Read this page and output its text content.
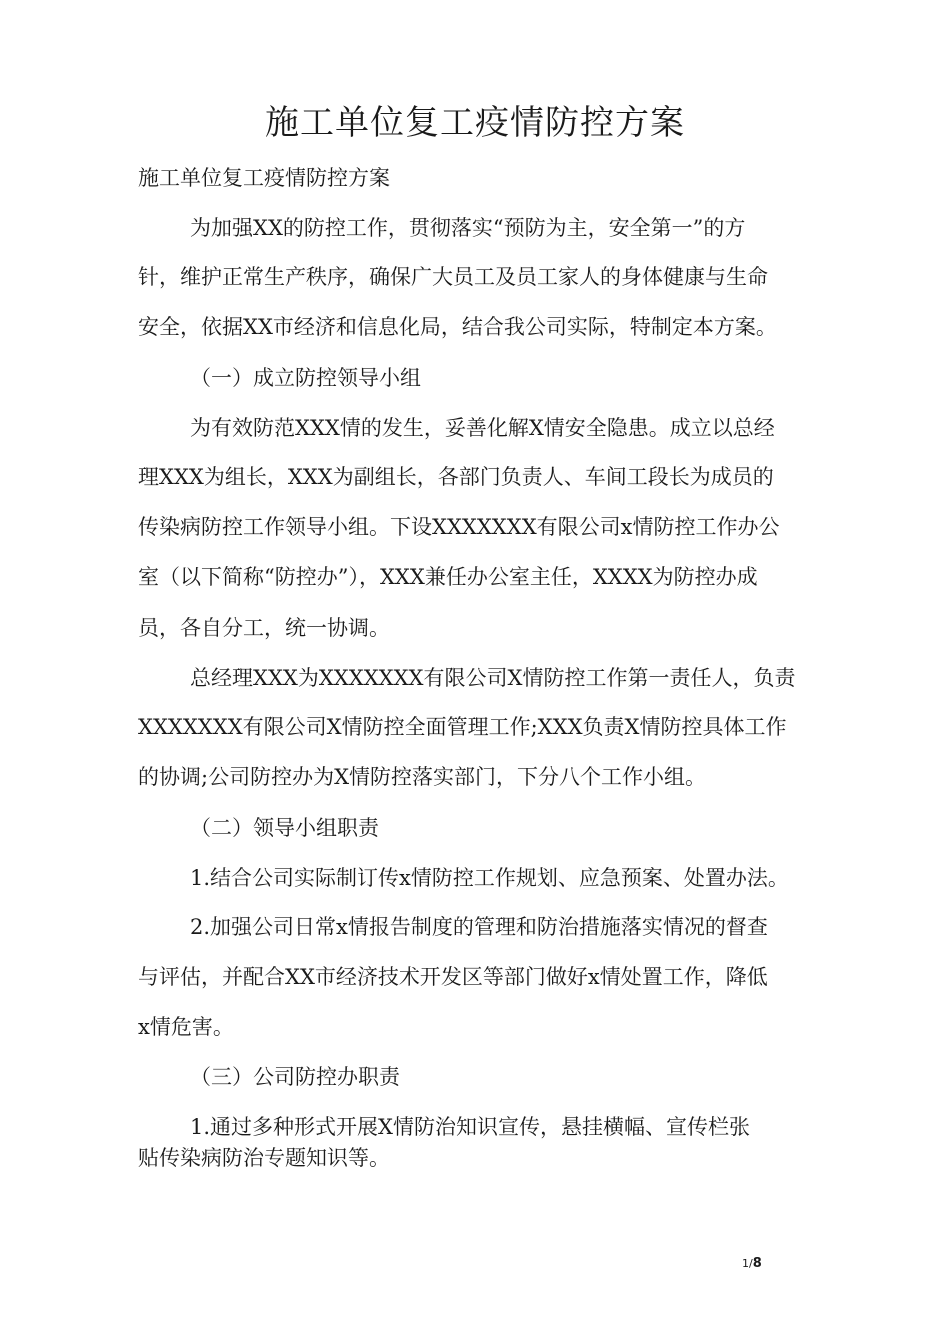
施工单位复工疫情防控方案
施工单位复工疫情防控方案
为加强XX的防控工作，贯彻落实“预防为主，安全第一”的方
针，维护正常生产秩序，确保广大员工及员工家人的身体健康与生命
安全，依据XX市经济和信息化局，结合我公司实际，特制定本方案。
（一）成立防控领导小组
为有效防范XXX情的发生，妥善化解X情安全隐患。成立以总经
理XXX为组长，XXX为副组长，各部门负责人、车间工段长为成员的
传染病防控工作领导小组。下设XXXXXXX有限公司x情防控工作办公
室（以下简称“防控办”），XXX兼任办公室主任，XXXX为防控办成
员，各自分工，统一协调。
总经理XXX为XXXXXXX有限公司X情防控工作第一责任人，负责
XXXXXXX有限公司X情防控全面管理工作;XXX负责X情防控具体工作
的协调;公司防控办为X情防控落实部门，下分八个工作小组。
（二）领导小组职责
1.结合公司实际制订传x情防控工作规划、应急预案、处置办法。
2.加强公司日常x情报告制度的管理和防治措施落实情况的督查
与评估，并配合XX市经济技术开发区等部门做好x情处置工作，降低
x情危害。
（三）公司防控办职责
1.通过多种形式开展X情防治知识宣传，悬挂横幅、宣传栏张
贴传染病防治专题知识等。
1/8
